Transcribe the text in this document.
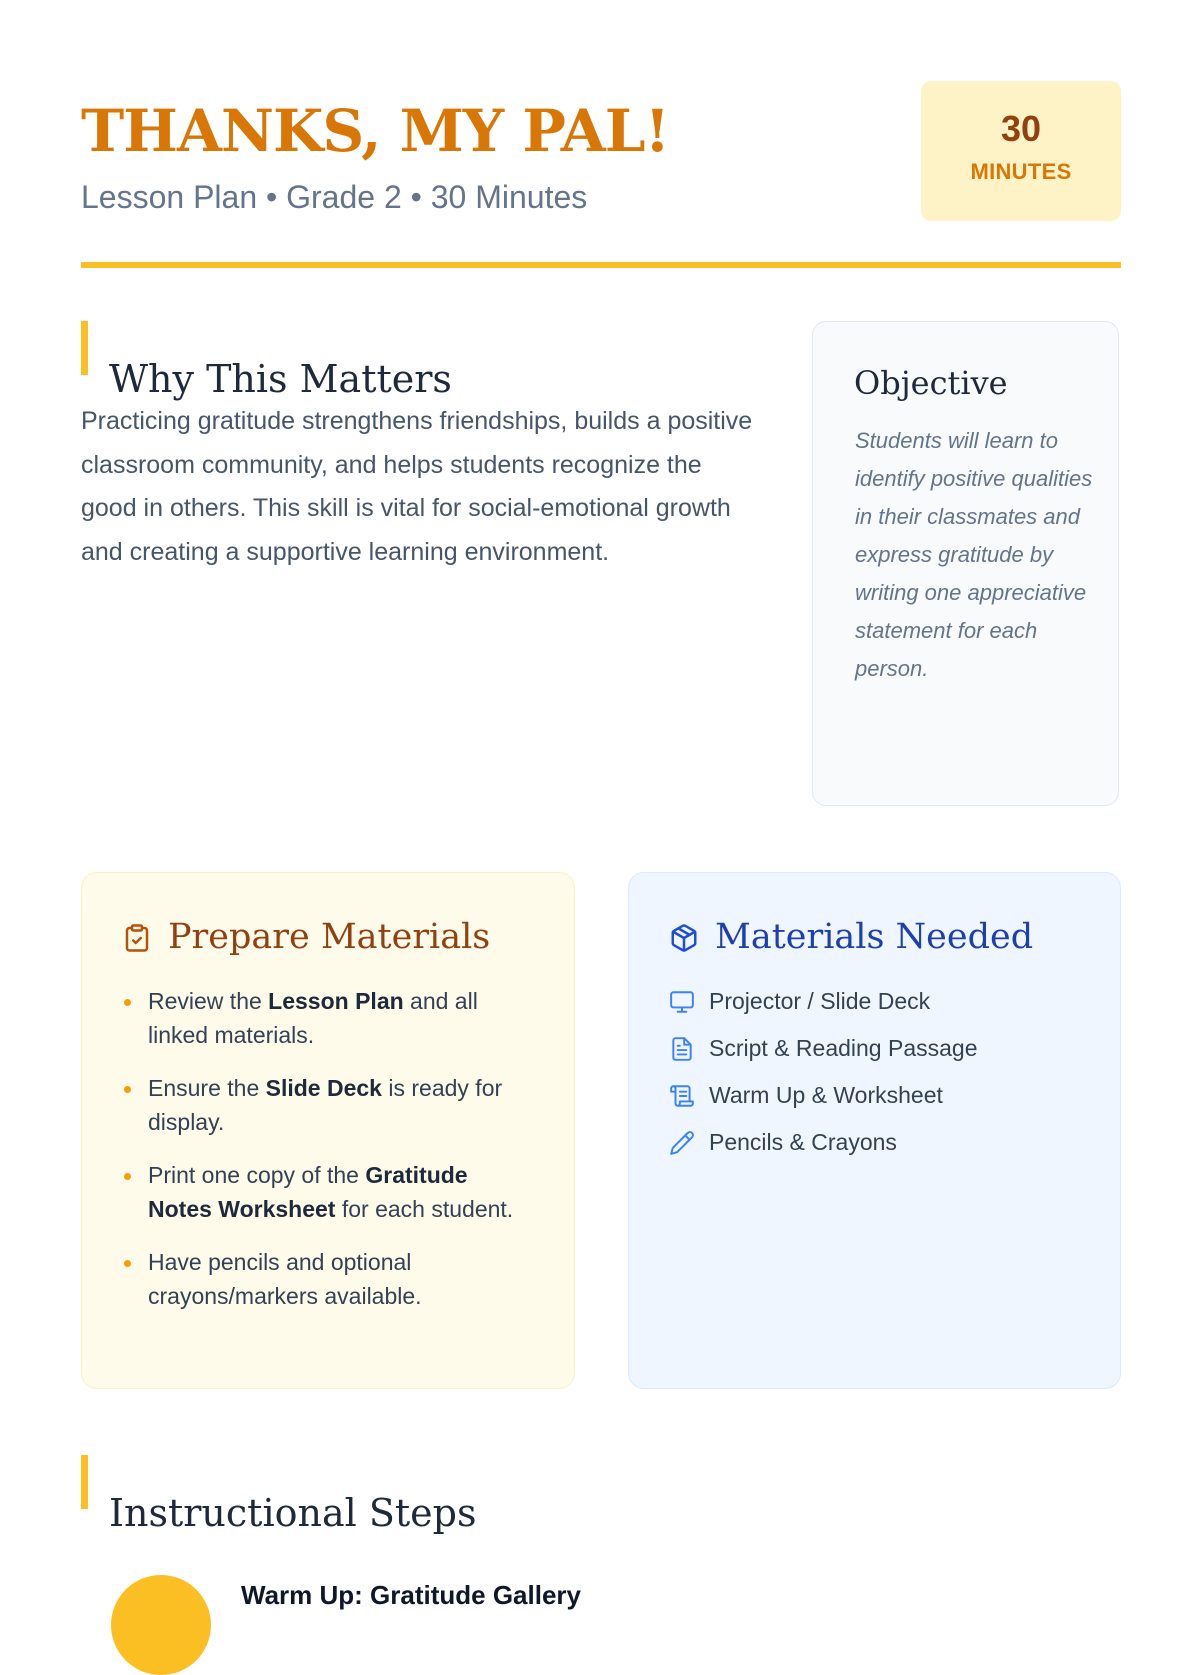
THANKS, MY PAL!

Lesson Plan • Grade 2 • 30 Minutes

30
MINUTES
Why This Matters

Practicing gratitude strengthens friendships, builds a positive classroom community, and helps students recognize the good in others. This skill is vital for social-emotional growth and creating a supportive learning environment.

Objective

Students will learn to identify positive qualities in their classmates and express gratitude by writing one appreciative statement for each person.

Prepare Materials
Review the Lesson Plan and all linked materials.
Ensure the Slide Deck is ready for display.
Print one copy of the Gratitude Notes Worksheet for each student.
Have pencils and optional crayons/markers available.
Materials Needed
Projector / Slide Deck
Script & Reading Passage
Warm Up & Worksheet
Pencils & Crayons
Instructional Steps
Warm Up: Gratitude Gallery
